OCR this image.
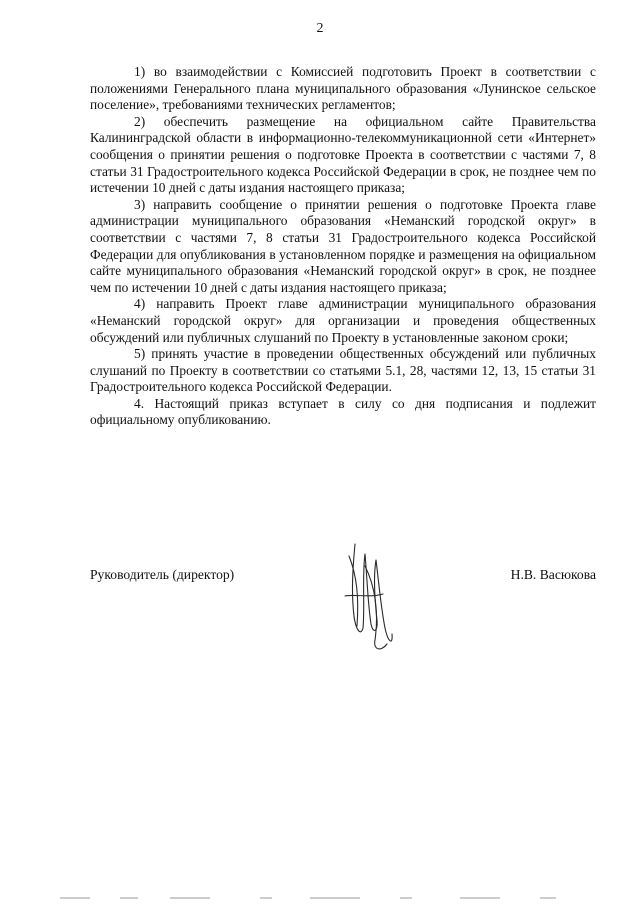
2

1) во взаимодействии с Комиссией подготовить Проект в соответствии с положениями Генерального плана муниципального образования «Лунинское сельское поселение», требованиями технических регламентов;

2) обеспечить размещение на официальном сайте Правительства Калининградской области в информационно-телекоммуникационной сети «Интернет» сообщения о принятии решения о подготовке Проекта в соответствии с частями 7, 8 статьи 31 Градостроительного кодекса Российской Федерации в срок, не позднее чем по истечении 10 дней с даты издания настоящего приказа;

3) направить сообщение о принятии решения о подготовке Проекта главе администрации муниципального образования «Неманский городской округ» в соответствии с частями 7, 8 статьи 31 Градостроительного кодекса Российской Федерации для опубликования в установленном порядке и размещения на официальном сайте муниципального образования «Неманский городской округ» в срок, не позднее чем по истечении 10 дней с даты издания настоящего приказа;

4) направить Проект главе администрации муниципального образования «Неманский городской округ» для организации и проведения общественных обсуждений или публичных слушаний по Проекту в установленные законом сроки;

5) принять участие в проведении общественных обсуждений или публичных слушаний по Проекту в соответствии со статьями 5.1, 28, частями 12, 13, 15 статьи 31 Градостроительного кодекса Российской Федерации.

4. Настоящий приказ вступает в силу со дня подписания и подлежит официальному опубликованию.

Руководитель (директор)	Н.В. Васюкова
